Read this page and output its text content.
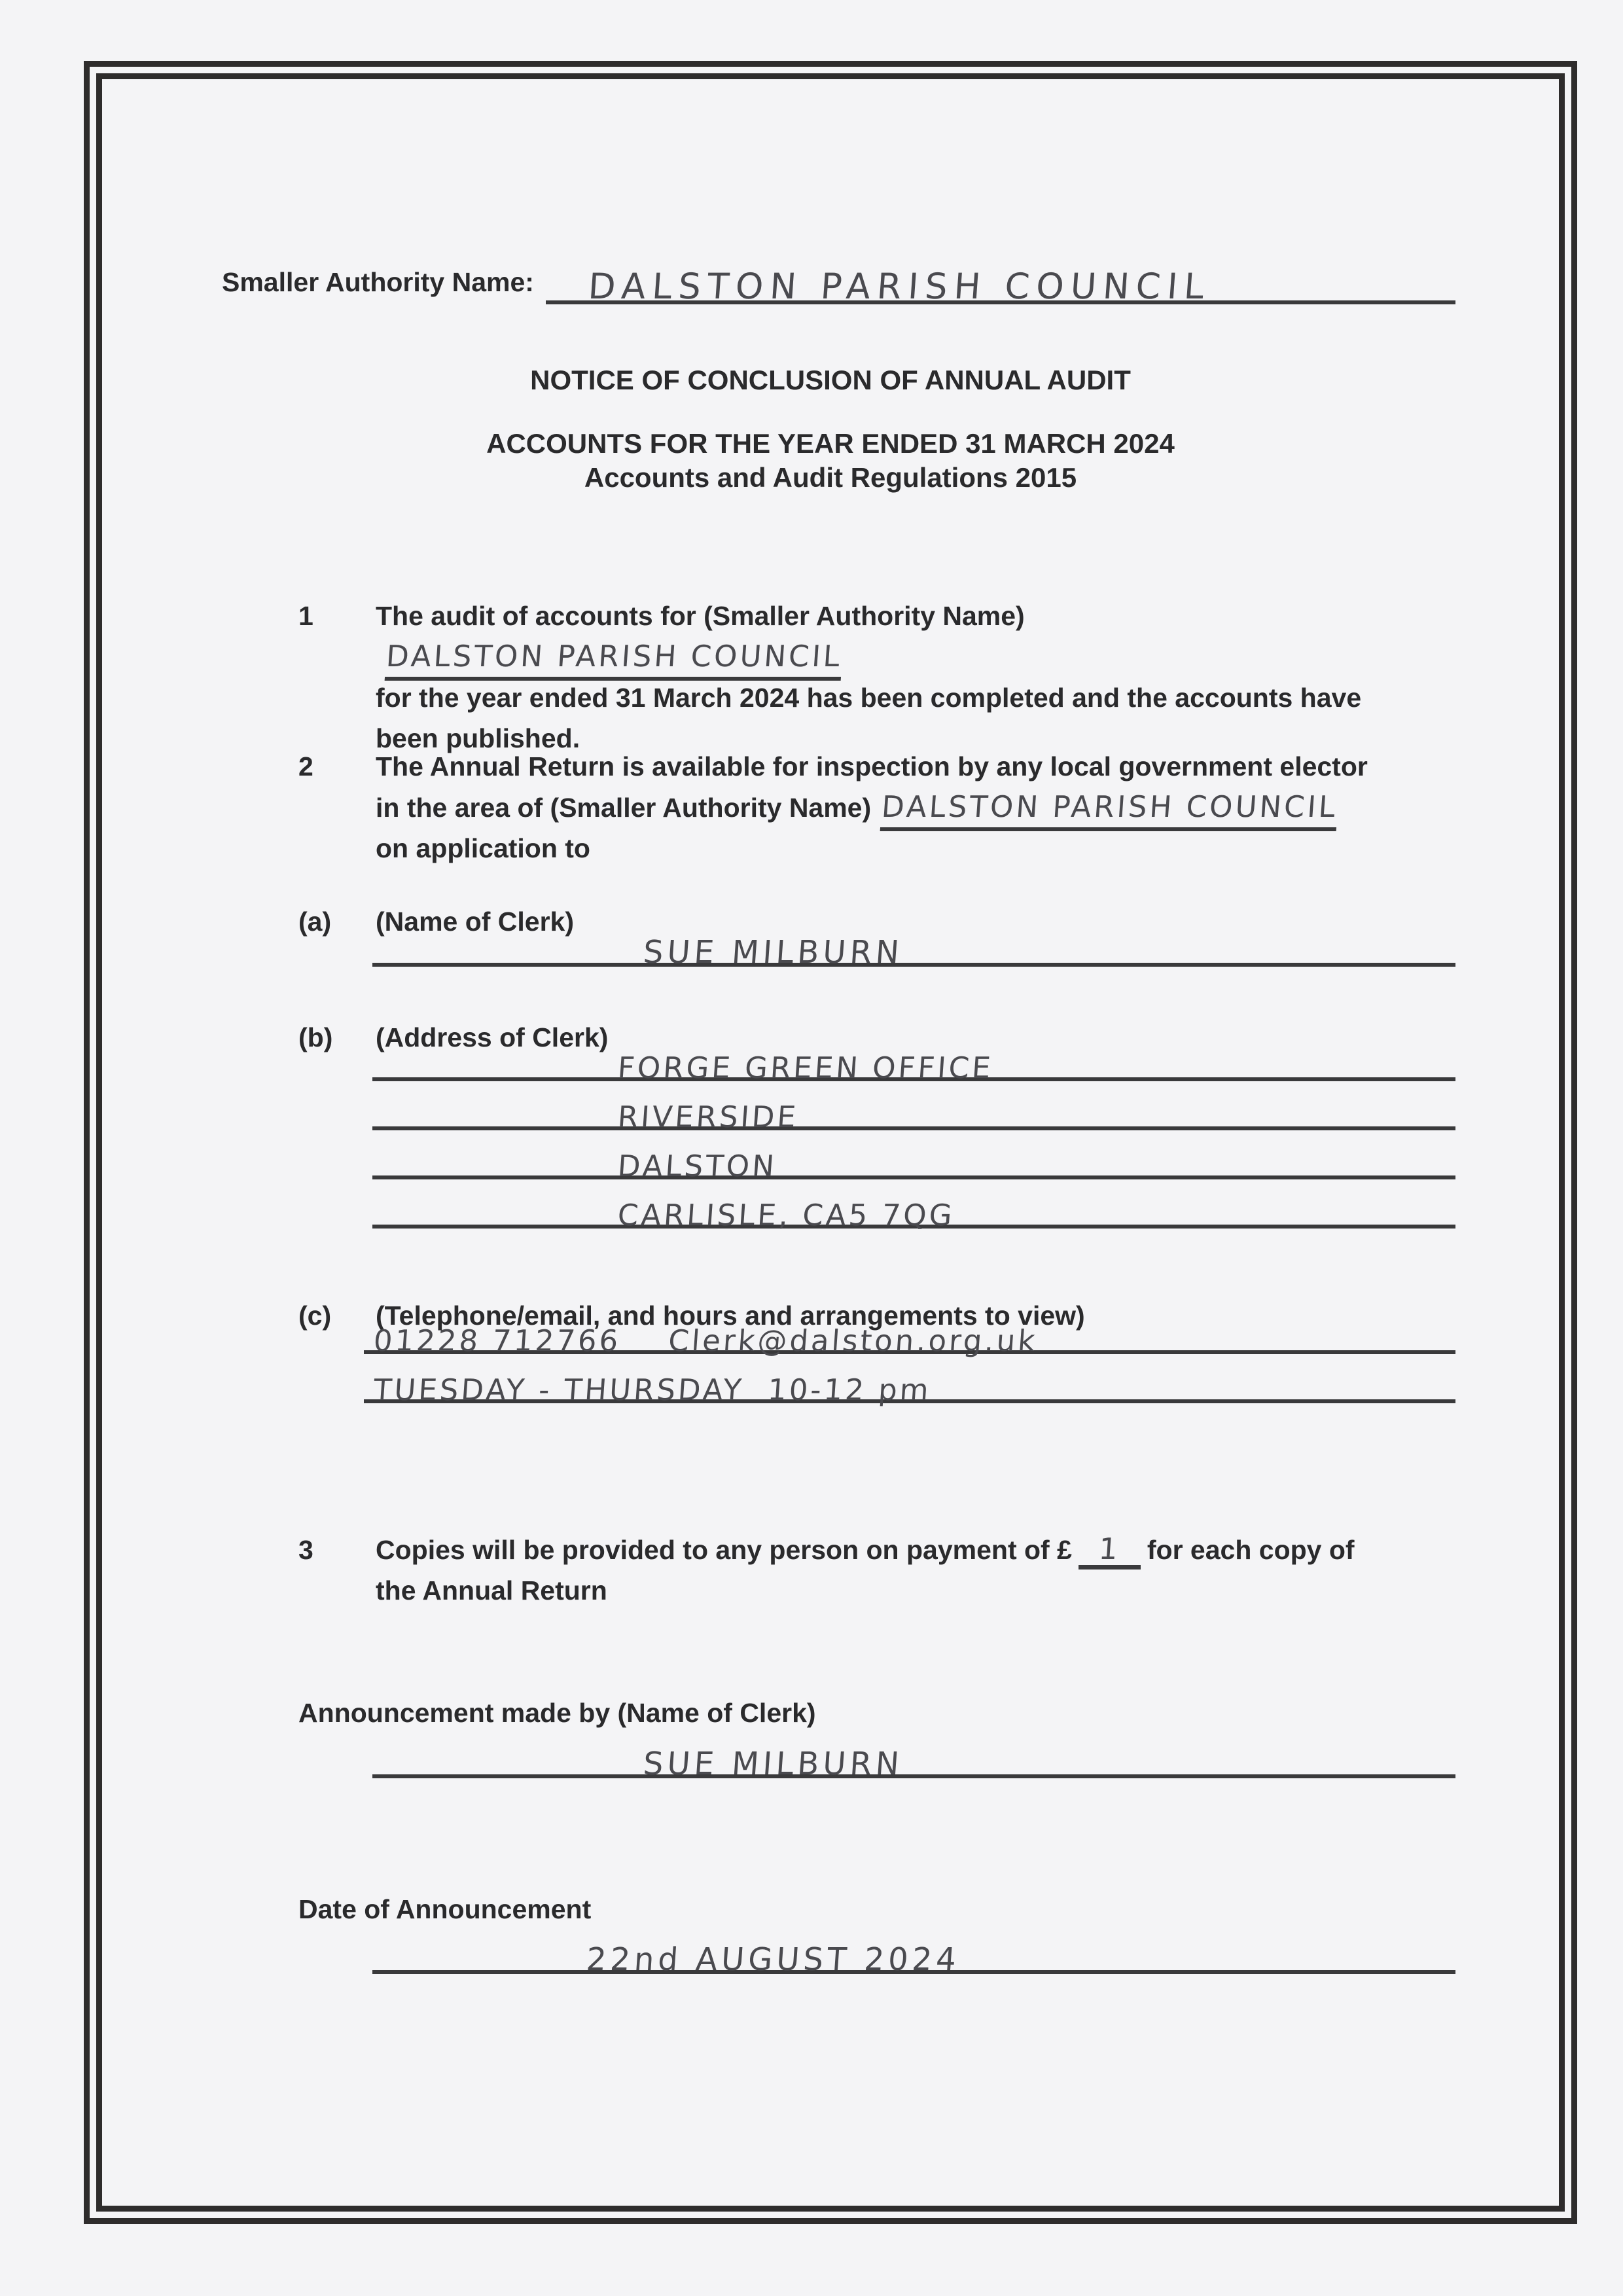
Smaller Authority Name: DALSTON PARISH COUNCIL
NOTICE OF CONCLUSION OF ANNUAL AUDIT
ACCOUNTS FOR THE YEAR ENDED 31 MARCH 2024
Accounts and Audit Regulations 2015
1 The audit of accounts for (Smaller Authority Name)DALSTON PARISH COUNCIL
for the year ended 31 March 2024 has been completed and the accounts have
been published.
2 The Annual Return is available for inspection by any local government elector
in the area of (Smaller Authority Name) DALSTON PARISH COUNCIL
on application to
(a) (Name of Clerk)
SUE MILBURN
(b) (Address of Clerk)
FORGE GREEN OFFICE
RIVERSIDE
DALSTON
CARLISLE, CA5 7QG
(c) (Telephone/email, and hours and arrangements to view)
01228 712766    Clerk@dalston.org.uk
TUESDAY - THURSDAY  10-12 pm
3 Copies will be provided to any person on payment of £ 1 for each copy of
the Annual Return
Announcement made by (Name of Clerk)
SUE MILBURN
Date of Announcement
22nd AUGUST 2024
